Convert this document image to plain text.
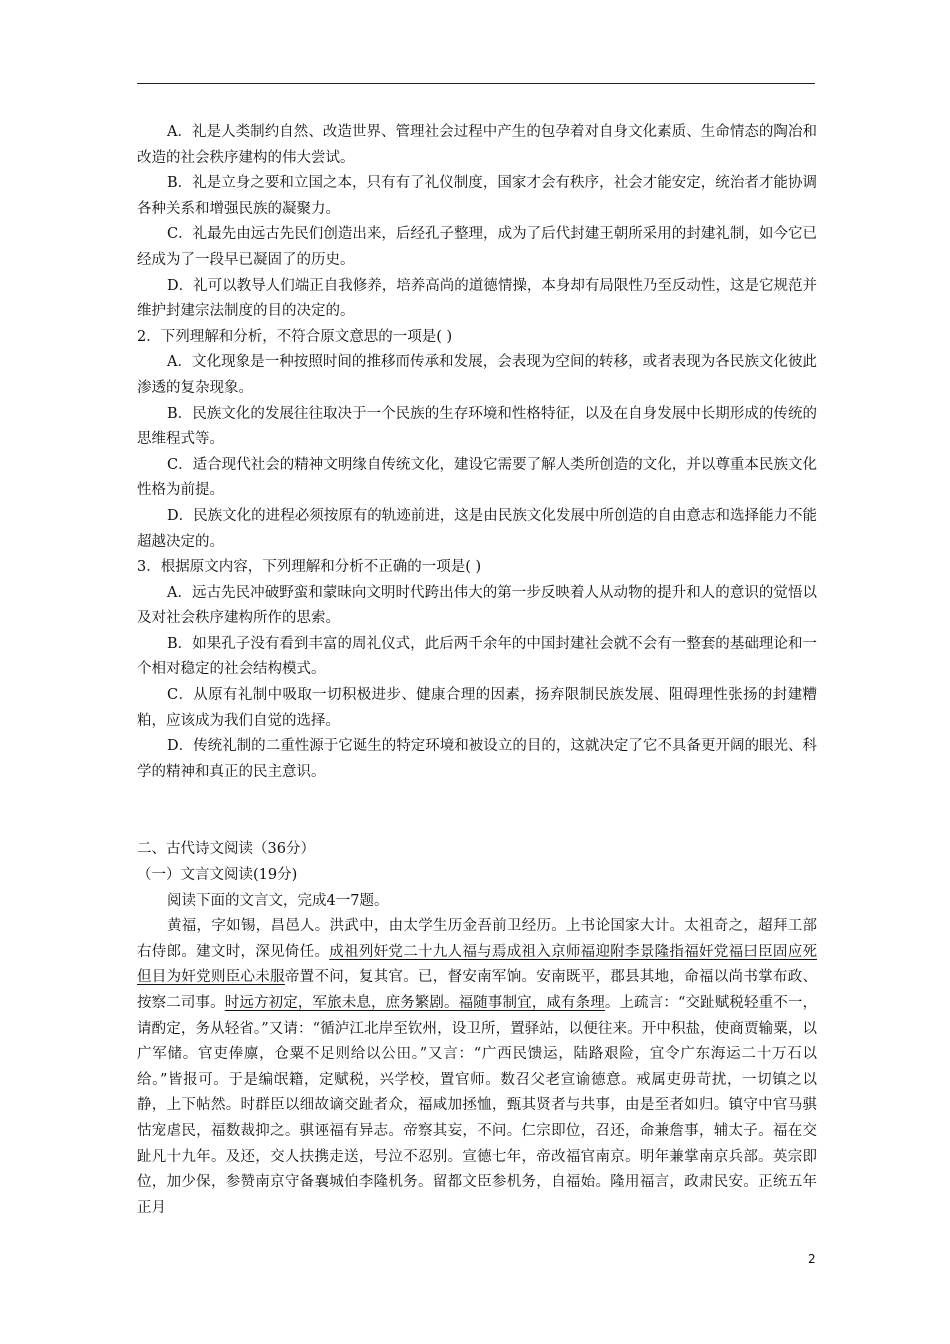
A．礼是人类制约自然、改造世界、管理社会过程中产生的包孕着对自身文化素质、生命情态的陶冶和改造的社会秩序建构的伟大尝试。

B．礼是立身之要和立国之本，只有有了礼仪制度，国家才会有秩序，社会才能安定，统治者才能协调各种关系和增强民族的凝聚力。

C．礼最先由远古先民们创造出来，后经孔子整理，成为了后代封建王朝所采用的封建礼制，如今它已经成为了一段早已凝固了的历史。

D．礼可以教导人们端正自我修养，培养高尚的道德情操，本身却有局限性乃至反动性，这是它规范并维护封建宗法制度的目的决定的。

2．下列理解和分析，不符合原文意思的一项是( )

A．文化现象是一种按照时间的推移而传承和发展，会表现为空间的转移，或者表现为各民族文化彼此渗透的复杂现象。

B．民族文化的发展往往取决于一个民族的生存环境和性格特征，以及在自身发展中长期形成的传统的思维程式等。

C．适合现代社会的精神文明缘自传统文化，建设它需要了解人类所创造的文化，并以尊重本民族文化性格为前提。

D．民族文化的进程必须按原有的轨迹前进，这是由民族文化发展中所创造的自由意志和选择能力不能超越决定的。

3．根据原文内容，下列理解和分析不正确的一项是( )

A．远古先民冲破野蛮和蒙昧向文明时代跨出伟大的第一步反映着人从动物的提升和人的意识的觉悟以及对社会秩序建构所作的思索。

B．如果孔子没有看到丰富的周礼仪式，此后两千余年的中国封建社会就不会有一整套的基础理论和一个相对稳定的社会结构模式。

C．从原有礼制中吸取一切积极进步、健康合理的因素，扬弃限制民族发展、阻碍理性张扬的封建糟粕，应该成为我们自觉的选择。

D．传统礼制的二重性源于它诞生的特定环境和被设立的目的，这就决定了它不具备更开阔的眼光、科学的精神和真正的民主意识。

二、古代诗文阅读（36分）

（一）文言文阅读(19分)

阅读下面的文言文，完成4一7题。

黄福，字如锡，昌邑人。洪武中，由太学生历金吾前卫经历。上书论国家大计。太祖奇之，超拜工部右侍郎。建文时，深见倚任。成祖列奸党二十九人福与焉成祖入京师福迎附李景隆指福奸党福曰臣固应死但目为奸党则臣心未服帝置不问，复其官。已，督安南军饷。安南既平，郡县其地，命福以尚书掌布政、按察二司事。时远方初定，军旅未息，庶务繁剧。福随事制宜，咸有条理。上疏言：“交趾赋税轻重不一，请酌定，务从轻省。”又请：“循泸江北岸至钦州，设卫所，置驿站，以便往来。开中积盐，使商贾输粟，以广军储。官吏俸廪，仓粟不足则给以公田。”又言：“广西民馈运，陆路艰险，宜令广东海运二十万石以给。”皆报可。于是编氓籍，定赋税，兴学校，置官师。数召父老宣谕德意。戒属吏毋苛扰，一切镇之以静，上下帖然。时群臣以细故谪交趾者众，福咸加拯恤，甄其贤者与共事，由是至者如归。镇守中官马骐怙宠虐民，福数裁抑之。骐诬福有异志。帝察其妄，不问。仁宗即位，召还，命兼詹事，辅太子。福在交趾凡十九年。及还，交人扶携走送，号泣不忍别。宣德七年，帝改福官南京。明年兼掌南京兵部。英宗即位，加少保，参赞南京守备襄城伯李隆机务。留都文臣参机务，自福始。隆用福言，政肃民安。正统五年正月

2
